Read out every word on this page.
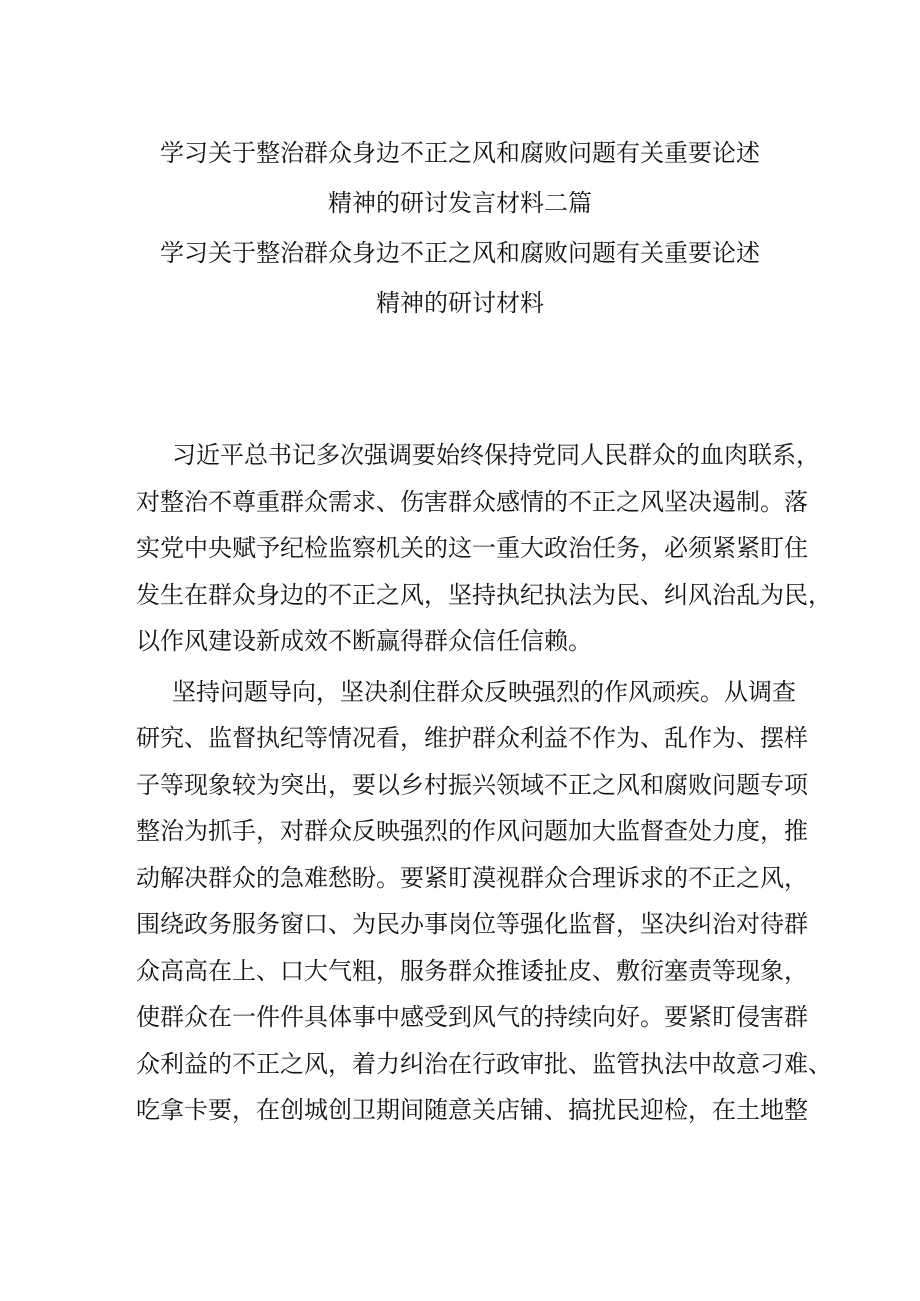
学习关于整治群众身边不正之风和腐败问题有关重要论述
精神的研讨发言材料二篇
学习关于整治群众身边不正之风和腐败问题有关重要论述
精神的研讨材料
习近平总书记多次强调要始终保持党同人民群众的血肉联系，
对整治不尊重群众需求、伤害群众感情的不正之风坚决遏制。落
实党中央赋予纪检监察机关的这一重大政治任务，必须紧紧盯住
发生在群众身边的不正之风，坚持执纪执法为民、纠风治乱为民，
以作风建设新成效不断赢得群众信任信赖。
坚持问题导向，坚决刹住群众反映强烈的作风顽疾。从调查
研究、监督执纪等情况看，维护群众利益不作为、乱作为、摆样
子等现象较为突出，要以乡村振兴领域不正之风和腐败问题专项
整治为抓手，对群众反映强烈的作风问题加大监督查处力度，推
动解决群众的急难愁盼。要紧盯漠视群众合理诉求的不正之风，
围绕政务服务窗口、为民办事岗位等强化监督，坚决纠治对待群
众高高在上、口大气粗，服务群众推诿扯皮、敷衍塞责等现象，
使群众在一件件具体事中感受到风气的持续向好。要紧盯侵害群
众利益的不正之风，着力纠治在行政审批、监管执法中故意刁难、
吃拿卡要，在创城创卫期间随意关店铺、搞扰民迎检，在土地整
